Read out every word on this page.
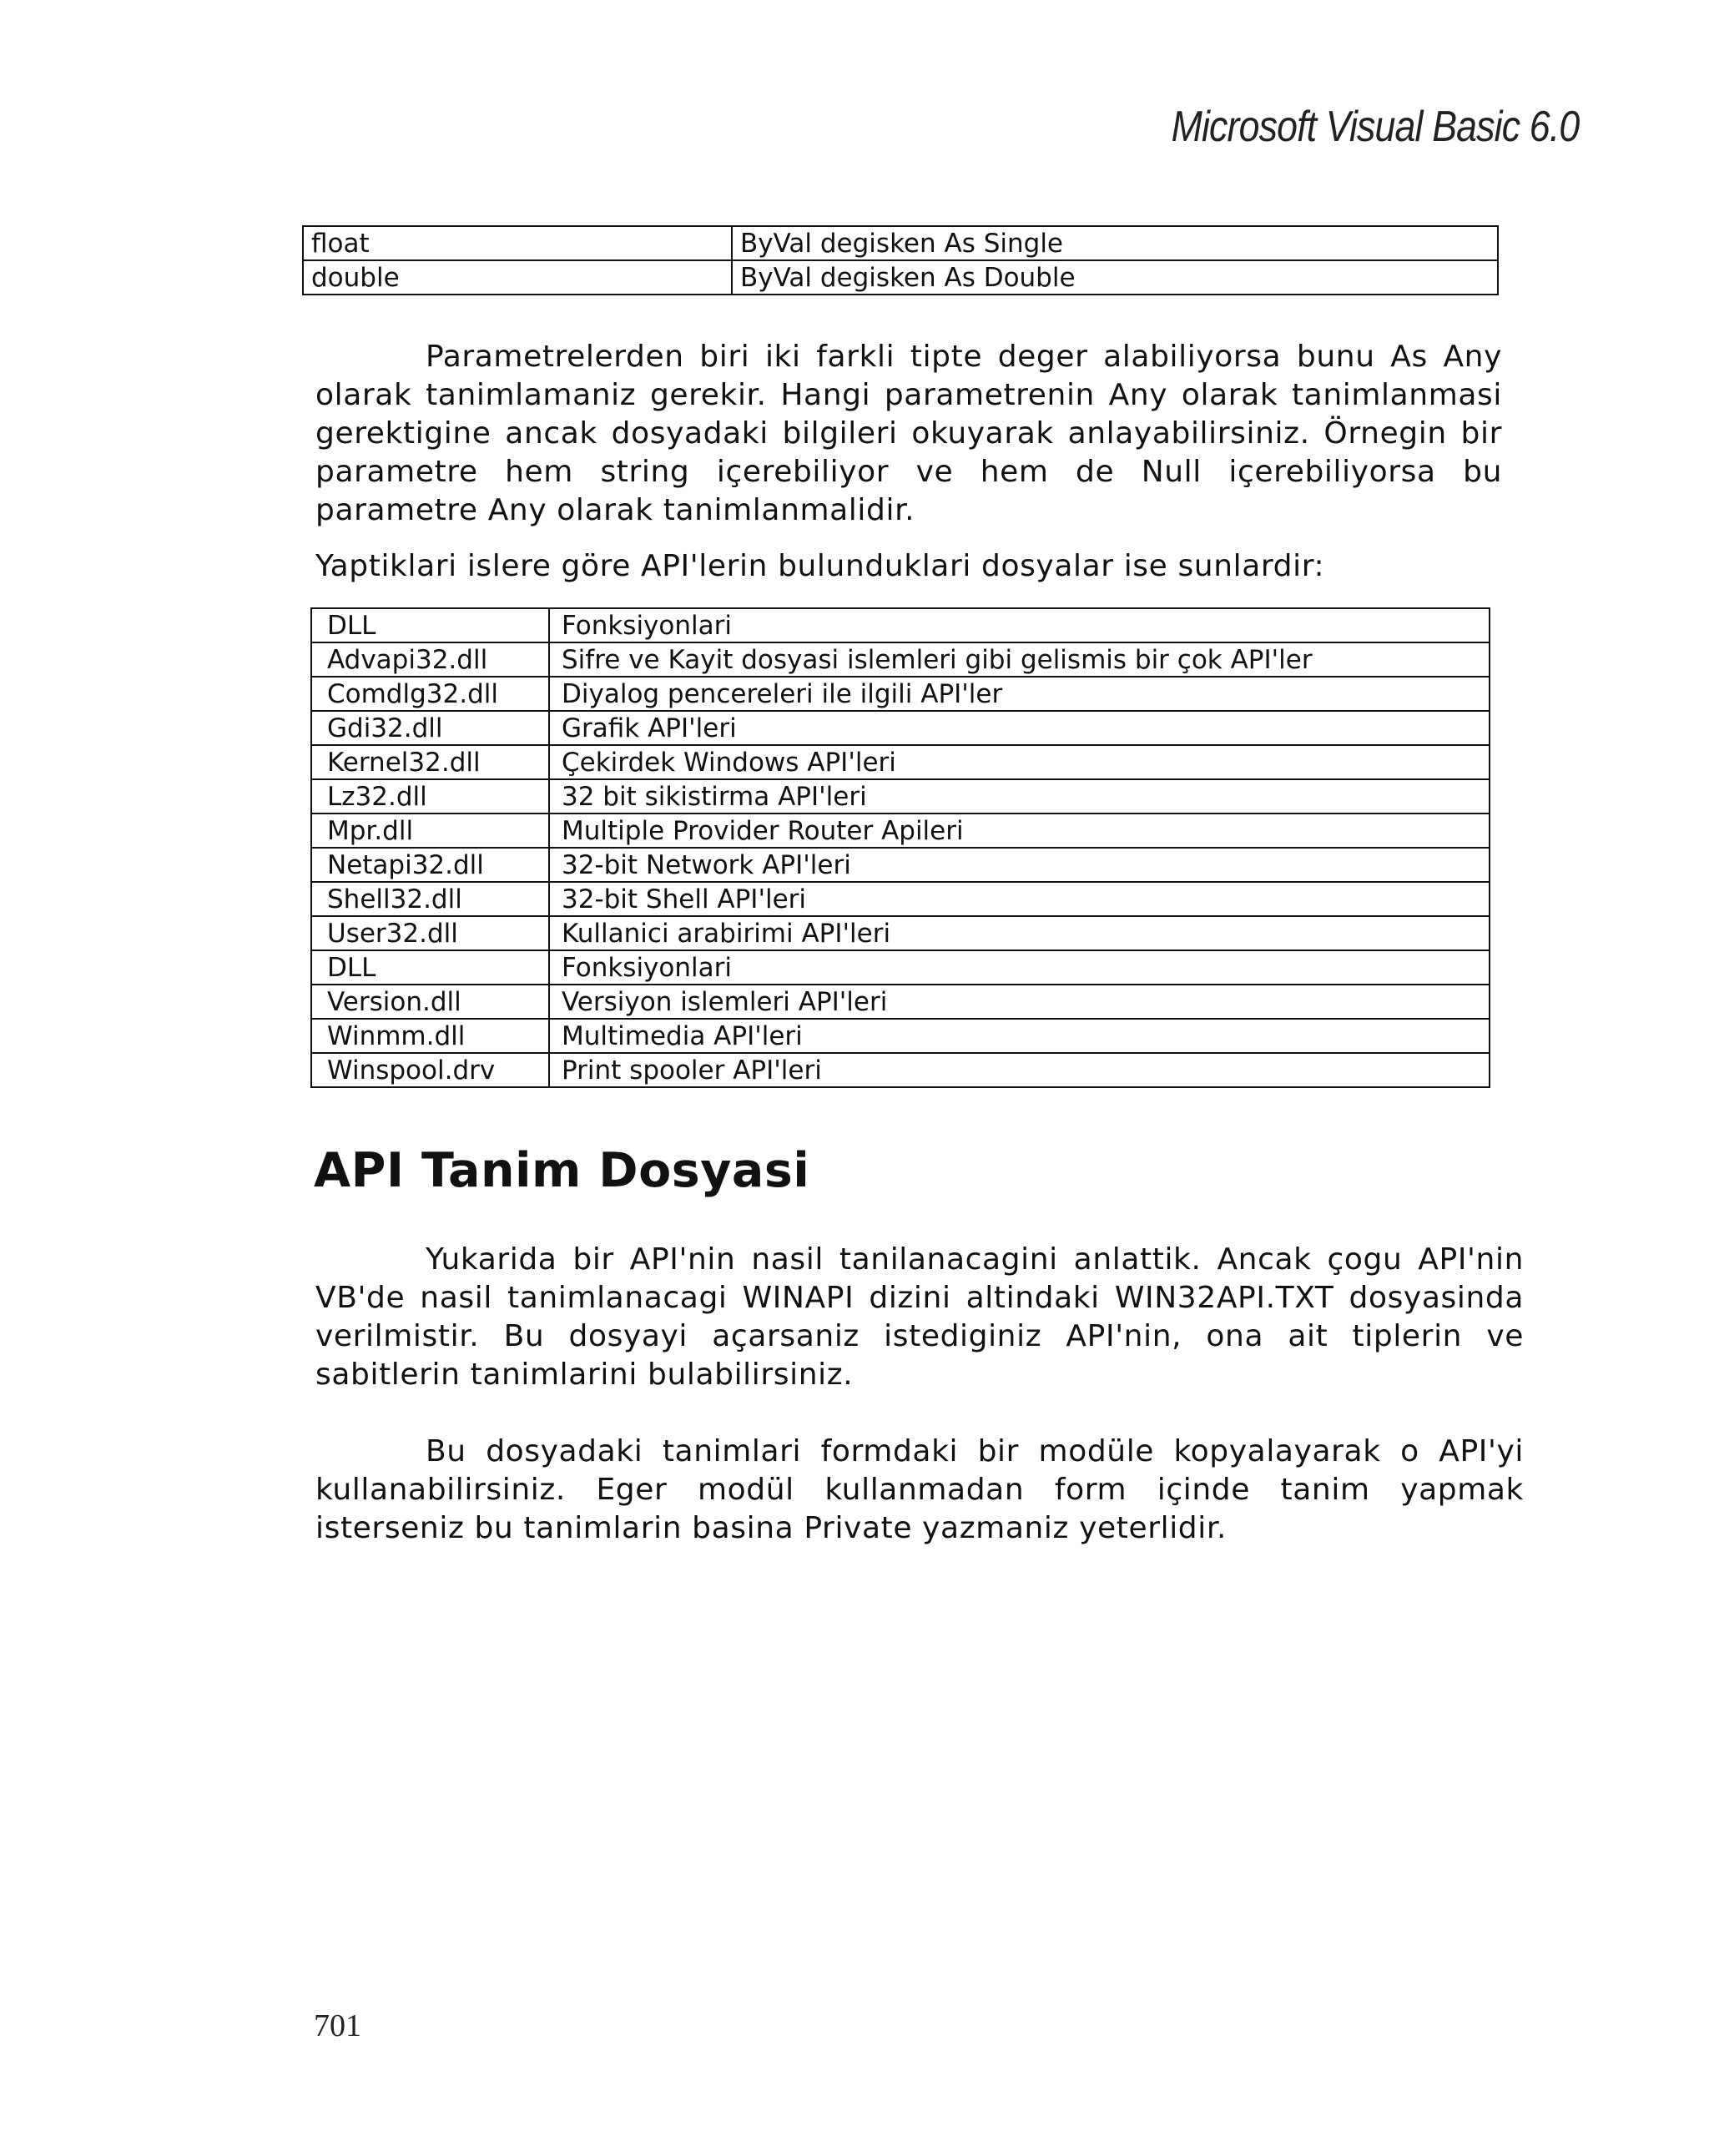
Microsoft Visual Basic 6.0
float	ByVal degisken As Single
double	ByVal degisken As Double

Parametrelerden biri iki farkli tipte deger alabiliyorsa bunu As Any olarak tanimlamaniz gerekir. Hangi parametrenin Any olarak tanimlanmasi gerektigine ancak dosyadaki bilgileri okuyarak anlayabilirsiniz. Örnegin bir parametre hem string içerebiliyor ve hem de Null içerebiliyorsa bu parametre Any olarak tanimlanmalidir.

Yaptiklari islere göre API'lerin bulunduklari dosyalar ise sunlardir:

DLL	Fonksiyonlari
Advapi32.dll	Sifre ve Kayit dosyasi islemleri gibi gelismis bir çok API'ler
Comdlg32.dll	Diyalog pencereleri ile ilgili API'ler
Gdi32.dll	Grafik API'leri
Kernel32.dll	Çekirdek Windows API'leri
Lz32.dll	32 bit sikistirma API'leri
Mpr.dll	Multiple Provider Router Apileri
Netapi32.dll	32-bit Network API'leri
Shell32.dll	32-bit Shell API'leri
User32.dll	Kullanici arabirimi API'leri
DLL	Fonksiyonlari
Version.dll	Versiyon islemleri API'leri
Winmm.dll	Multimedia API'leri
Winspool.drv	Print spooler API'leri
API Tanim Dosyasi

Yukarida bir API'nin nasil tanilanacagini anlattik. Ancak çogu API'nin VB'de nasil tanimlanacagi WINAPI dizini altindaki WIN32API.TXT dosyasinda verilmistir. Bu dosyayi açarsaniz istediginiz API'nin, ona ait tiplerin ve sabitlerin tanimlarini bulabilirsiniz.

Bu dosyadaki tanimlari formdaki bir modüle kopyalayarak o API'yi kullanabilirsiniz. Eger modül kullanmadan form içinde tanim yapmak isterseniz bu tanimlarin basina Private yazmaniz yeterlidir.

701
